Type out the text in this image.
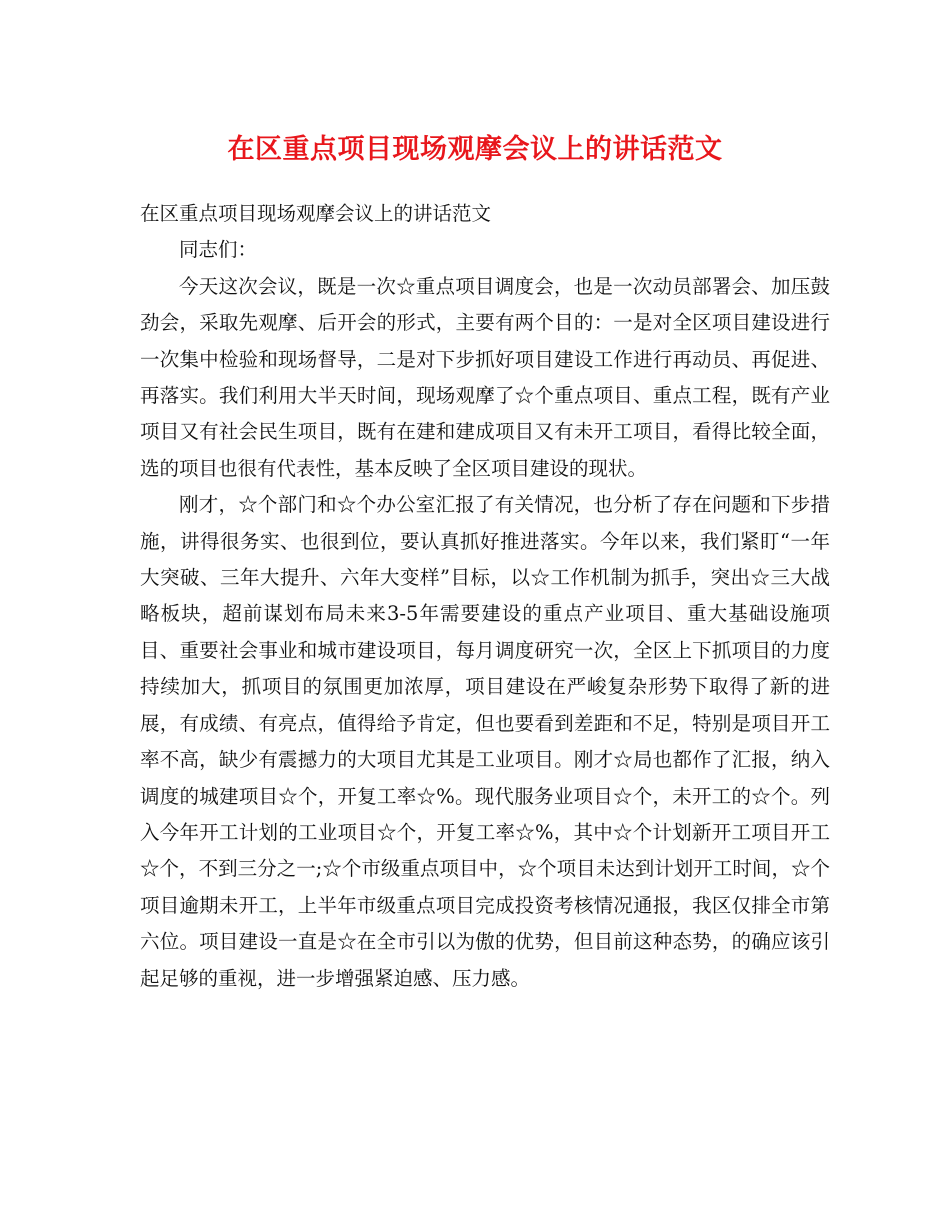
在区重点项目现场观摩会议上的讲话范文

在区重点项目现场观摩会议上的讲话范文

同志们：

今天这次会议，既是一次☆重点项目调度会，也是一次动员部署会、加压鼓劲会，采取先观摩、后开会的形式，主要有两个目的：一是对全区项目建设进行一次集中检验和现场督导，二是对下步抓好项目建设工作进行再动员、再促进、再落实。我们利用大半天时间，现场观摩了☆个重点项目、重点工程，既有产业项目又有社会民生项目，既有在建和建成项目又有未开工项目，看得比较全面，选的项目也很有代表性，基本反映了全区项目建设的现状。

刚才，☆个部门和☆个办公室汇报了有关情况，也分析了存在问题和下步措施，讲得很务实、也很到位，要认真抓好推进落实。今年以来，我们紧盯“一年大突破、三年大提升、六年大变样”目标，以☆工作机制为抓手，突出☆三大战略板块，超前谋划布局未来3-5年需要建设的重点产业项目、重大基础设施项目、重要社会事业和城市建设项目，每月调度研究一次，全区上下抓项目的力度持续加大，抓项目的氛围更加浓厚，项目建设在严峻复杂形势下取得了新的进展，有成绩、有亮点，值得给予肯定，但也要看到差距和不足，特别是项目开工率不高，缺少有震撼力的大项目尤其是工业项目。刚才☆局也都作了汇报，纳入调度的城建项目☆个，开复工率☆%。现代服务业项目☆个，未开工的☆个。列入今年开工计划的工业项目☆个，开复工率☆%，其中☆个计划新开工项目开工☆个，不到三分之一;☆个市级重点项目中，☆个项目未达到计划开工时间，☆个项目逾期未开工，上半年市级重点项目完成投资考核情况通报，我区仅排全市第六位。项目建设一直是☆在全市引以为傲的优势，但目前这种态势，的确应该引起足够的重视，进一步增强紧迫感、压力感。
